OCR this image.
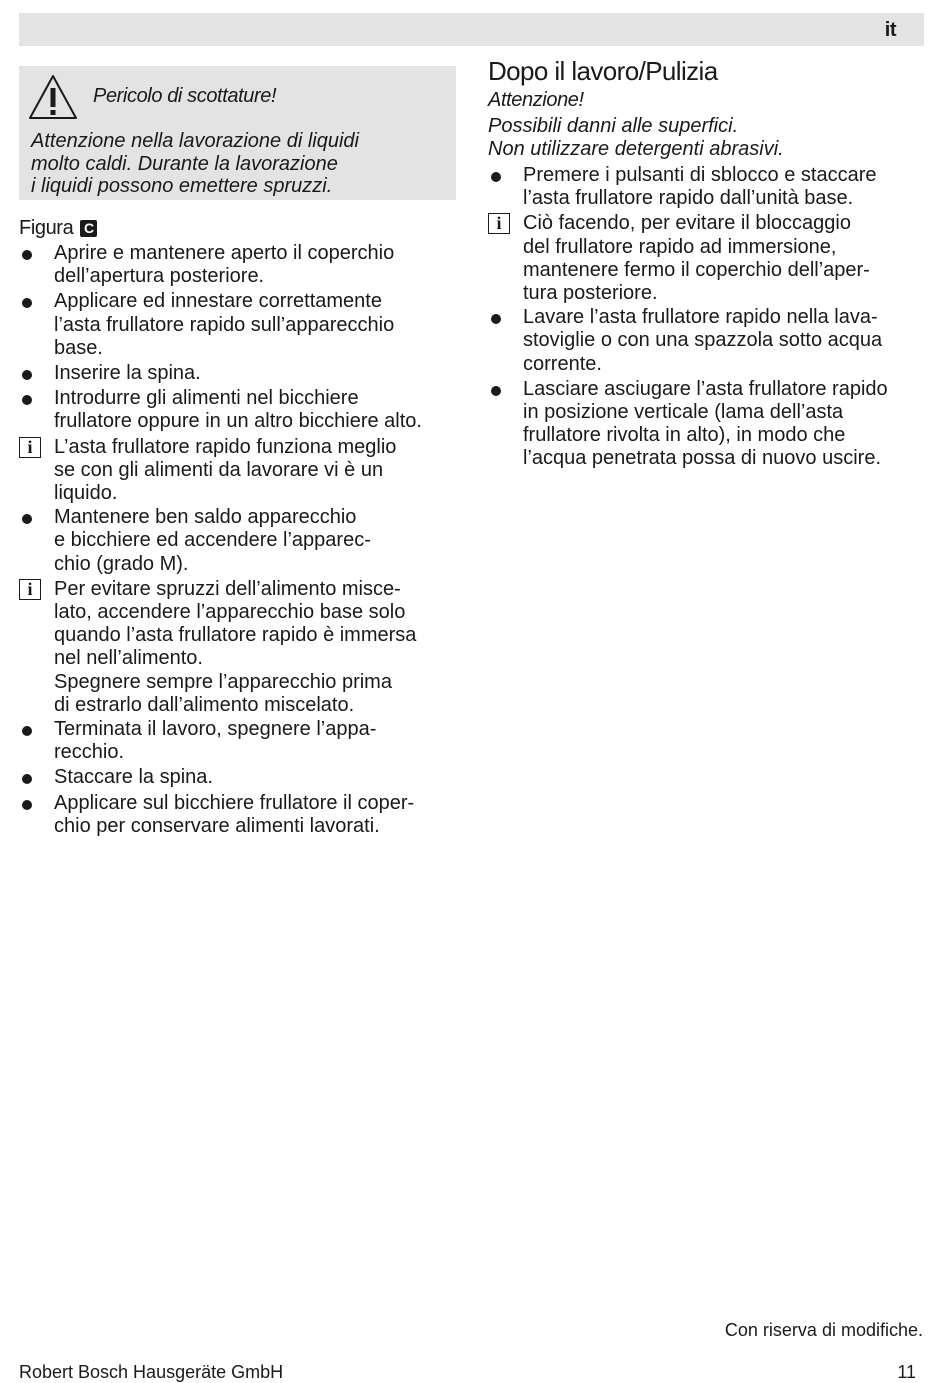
it
Pericolo di scottature!
Attenzione nella lavorazione di liquidi
molto caldi. Durante la lavorazione
i liquidi possono emettere spruzzi.
Figura C
Aprire e mantenere aperto il coperchio
dell’apertura posteriore.
Applicare ed innestare correttamente
l’asta frullatore rapido sull’apparecchio
base.
Inserire la spina.
Introdurre gli alimenti nel bicchiere
frullatore oppure in un altro bicchiere alto.
i	L’asta frullatore rapido funziona meglio
se con gli alimenti da lavorare vi è un
liquido.
Mantenere ben saldo apparecchio
e bicchiere ed accendere l’apparec-
chio (grado M).
i	Per evitare spruzzi dell’alimento misce-
lato, accendere l’apparecchio base solo
quando l’asta frullatore rapido è immersa
nel nell’alimento.
Spegnere sempre l’apparecchio prima
di estrarlo dall’alimento miscelato.
Terminata il lavoro, spegnere l’appa-
recchio.
Staccare la spina.
Applicare sul bicchiere frullatore il coper-
chio per conservare alimenti lavorati.
Dopo il lavoro/Pulizia
Attenzione!
Possibili danni alle superfici.
Non utilizzare detergenti abrasivi.
Premere i pulsanti di sblocco e staccare
l’asta frullatore rapido dall’unità base.
i	Ciò facendo, per evitare il bloccaggio
del frullatore rapido ad immersione,
mantenere fermo il coperchio dell’aper-
tura posteriore.
Lavare l’asta frullatore rapido nella lava-
stoviglie o con una spazzola sotto acqua
corrente.
Lasciare asciugare l’asta frullatore rapido
in posizione verticale (lama dell’asta
frullatore rivolta in alto), in modo che
l’acqua penetrata possa di nuovo uscire.
Con riserva di modifiche.
Robert Bosch Hausgeräte GmbH	11
